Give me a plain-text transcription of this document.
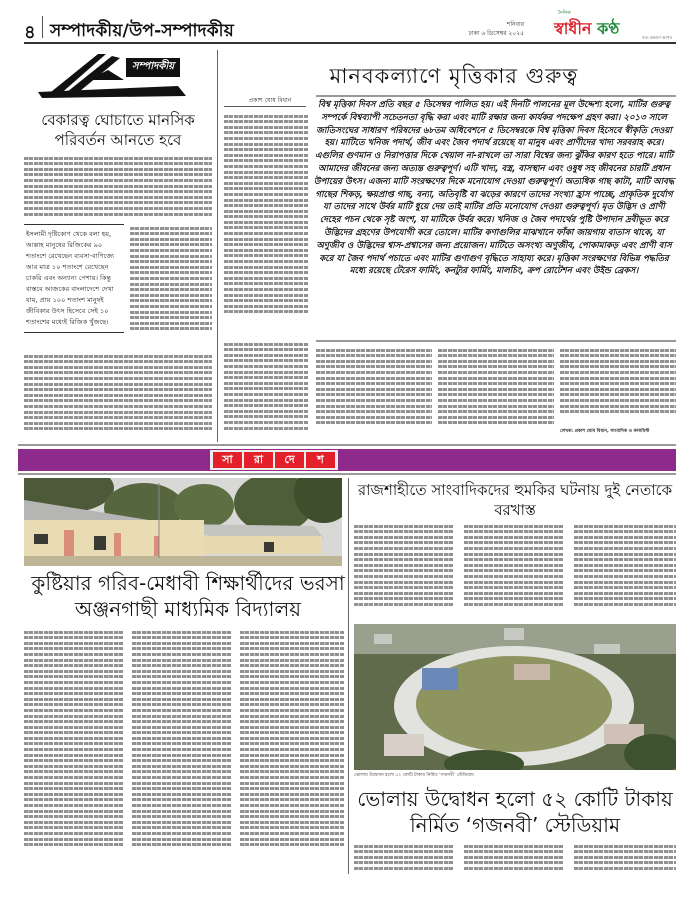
৪ সম্পাদকীয়/উপ-সম্পাদকীয়	শনিবার
ঢাকা ৬ ডিসেম্বর ২০২৫
দৈনিক
স্বাধীন কণ্ঠ	সত্য প্রকাশে আপস
সম্পাদকীয়
বেকারত্ব ঘোচাতে মানসিক পরিবর্তন আনতে হবে
ইসলামী দৃষ্টিকোণ থেকে বলা হয়, আল্লাহ মানুষের রিজিকের ৯০ শতাংশে রেখেছেন ব্যবসা-বাণিজ্যে আর মাত্র ১০ শতাংশে রেখেছেন চাকরি এবং অন্যান্য পেশায়। কিন্তু বাস্তবে আজকের বাংলাদেশে দেখা যায়, প্রায় ১০০ শতাংশ মানুষই জীবিকার উৎস হিসেবে সেই ১০ শতাংশের মধ্যেই রিজিক খুঁজছে।
মানবকল্যাণে মৃত্তিকার গুরুত্ব
প্রকাশ ঘোষ বিধান	বিশ্ব মৃত্তিকা দিবস প্রতি বছর ৫ ডিসেম্বর পালিত হয়। এই দিনটি পালনের মূল উদ্দেশ্য হলো, মাটির গুরুত্ব সম্পর্কে বিশ্বব্যাপী সচেতনতা বৃদ্ধি করা এবং মাটি রক্ষার জন্য কার্যকর পদক্ষেপ গ্রহণ করা। ২০১৩ সালে জাতিসংঘের সাধারণ পরিষদের ৬৮তম অধিবেশনে ৫ ডিসেম্বরকে বিশ্ব মৃত্তিকা দিবস হিসেবে স্বীকৃতি দেওয়া হয়। মাটিতে খনিজ পদার্থ, জীব এবং জৈব পদার্থ রয়েছে যা মানুষ এবং প্রাণীদের খাদ্য সরবরাহ করে। এগুলির গুণমান ও নিরাপত্তার দিকে খেয়াল না-রাখলে তা সারা বিশ্বের জন্য ঝুঁকির কারণ হতে পারে। মাটি আমাদের জীবনের জন্য অত্যন্ত গুরুত্বপূর্ণ। এটি খাদ্য, বস্ত্র, বাসস্থান এবং ওষুধ সহ জীবনের চারটি প্রধান উপায়ের উৎস। এজন্য মাটি সংরক্ষণের দিকে মনোযোগ দেওয়া গুরুত্বপূর্ণ। অত্যধিক গাছ কাটা, মাটি আবদ্ধ গাছের শিকড়, ক্ষয়প্রাপ্ত গাছ, বন্যা, অতিবৃষ্টি বা ঝড়ের কারণে তাদের সংখ্যা হ্রাস পাচ্ছে, প্রাকৃতিক দুর্যোগ যা তাদের সাথে উর্বর মাটি ধুয়ে দেয় তাই মাটির প্রতি মনোযোগ দেওয়া গুরুত্বপূর্ণ। মৃত উদ্ভিদ ও প্রাণী দেহের পচন থেকে সৃষ্ট অংশ, যা মাটিকে উর্বর করে। খনিজ ও জৈব পদার্থের পুষ্টি উপাদান দ্রবীভূত করে উদ্ভিদের গ্রহণের উপযোগী করে তোলে। মাটির কণাগুলির মাঝখানে ফাঁকা জায়গায় বাতাস থাকে, যা অণুজীব ও উদ্ভিদের শ্বাস-প্রশ্বাসের জন্য প্রয়োজন। মাটিতে অসংখ্য অণুজীব, পোকামাকড় এবং প্রাণী বাস করে যা জৈব পদার্থ পচাতে এবং মাটির গুণাগুণ বৃদ্ধিতে সাহায্য করে। মৃত্তিকা সংরক্ষণের বিভিন্ন পদ্ধতির মধ্যে রয়েছে টেরেস ফার্মিং, কনট্যুর ফার্মিং, মালচিং, ক্রপ রোটেশন এবং উইন্ড ব্রেকস।
লেখক: প্রকাশ ঘোষ বিধান, সাংবাদিক ও কলামিস্ট
সা	রা	দে	শ
কুষ্টিয়ার গরিব-মেধাবী শিক্ষার্থীদের ভরসা অঞ্জনগাছী মাধ্যমিক বিদ্যালয়
রাজশাহীতে সাংবাদিকদের হুমকির ঘটনায় দুই নেতাকে বরখাস্ত
ভোলায় উদ্বোধন হলো ৫২ কোটি টাকায় নির্মিত ‘গজনবী’ স্টেডিয়াম
ভোলায় উদ্বোধন হলো ৫২ কোটি টাকায় নির্মিত ‘গজনবী’ স্টেডিয়াম
